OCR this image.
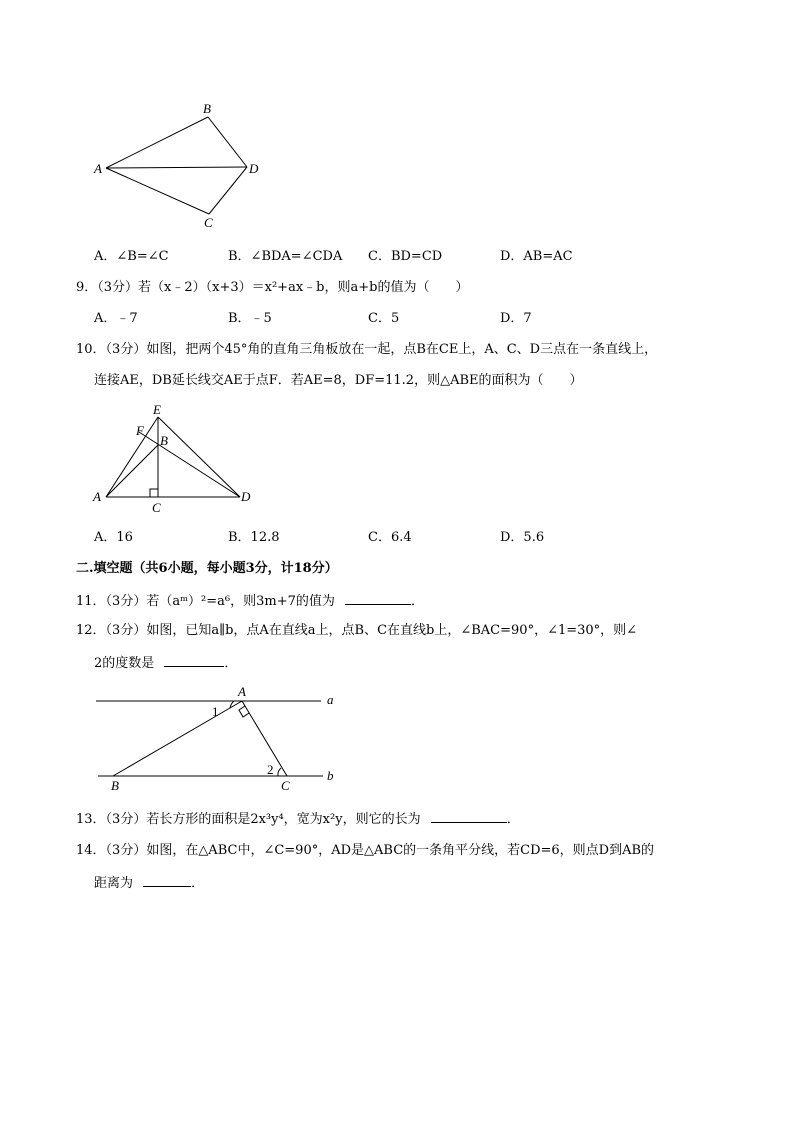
B
A	D
C
A．∠B=∠C	B．∠BDA=∠CDA C．BD=CD	D．AB=AC
9．（3分）若（x﹣2）（x+3）＝x²+ax﹣b，则a+b的值为（　　）
A．﹣7	B．﹣5	C．5	D．7
10．（3分）如图，把两个45°角的直角三角板放在一起，点B在CE上，A、C、D三点在一条直线上，
连接AE，DB延长线交AE于点F．若AE=8，DF=11.2，则△ABE的面积为（　　）
E
F
B
A
C
D
A．16	B．12.8	C．6.4	D．5.6
二.填空题（共6小题，每小题3分，计18分）
11．（3分）若（aᵐ）²=a⁶，则3m+7的值为	．
12．（3分）如图，已知a∥b，点A在直线a上，点B、C在直线b上，∠BAC=90°，∠1=30°，则∠
2的度数是	．
A
a
1
2
B	C
b
13．（3分）若长方形的面积是2x³y⁴，宽为x²y，则它的长为	．
14．（3分）如图，在△ABC中，∠C=90°，AD是△ABC的一条角平分线，若CD=6，则点D到AB的
距离为	．
